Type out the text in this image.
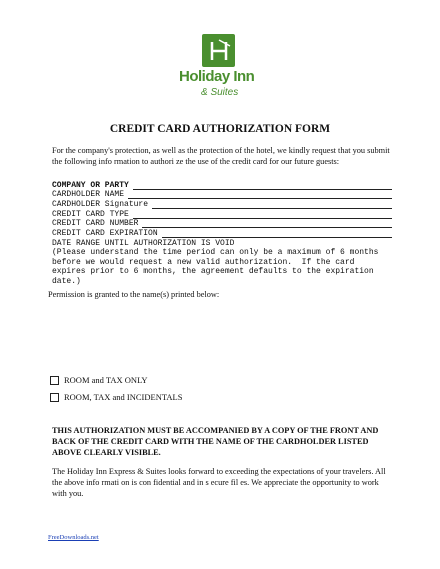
Holiday Inn
& Suites
CREDIT CARD AUTHORIZATION FORM
For the company's protection, as well as the protection of the hotel, we kindly request that you submit the following info rmation to authori ze the use of the credit card for our future guests:
COMPANY OR PARTY
CARDHOLDER NAME
CARDHOLDER Signature
CREDIT CARD TYPE
CREDIT CARD NUMBER
CREDIT CARD EXPIRATION
DATE RANGE UNTIL AUTHORIZATION IS VOID
(Please understand the time period can only be a maximum of 6 months
before we would request a new valid authorization.  If the card
expires prior to 6 months, the agreement defaults to the expiration
date.)
Permission is granted to the name(s) printed below:
ROOM and TAX ONLY
ROOM, TAX and INCIDENTALS
THIS AUTHORIZATION MUST BE ACCOMPANIED BY A COPY OF THE FRONT AND BACK OF THE CREDIT CARD WITH THE NAME OF THE CARDHOLDER LISTED ABOVE CLEARLY VISIBLE.
The Holiday Inn Express & Suites looks forward to exceeding the expectations of your travelers. All the above info rmati on is con fidential and in s ecure fil es. We appreciate the opportunity to work with you.
FreeDownloads.net
